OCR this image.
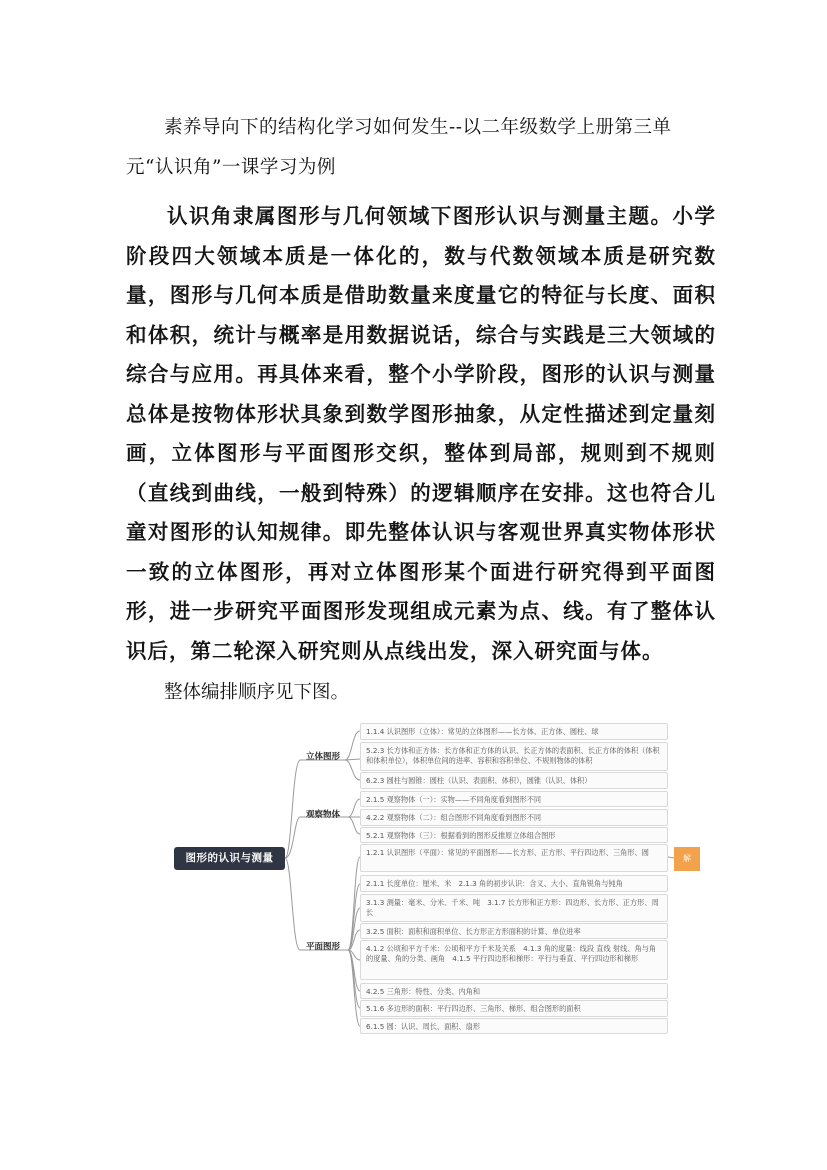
素养导向下的结构化学习如何发生--以二年级数学上册第三单
元“认识角”一课学习为例

认识角隶属图形与几何领域下图形认识与测量主题。小学阶段四大领域本质是一体化的，数与代数领域本质是研究数量，图形与几何本质是借助数量来度量它的特征与长度、面积和体积，统计与概率是用数据说话，综合与实践是三大领域的综合与应用。再具体来看，整个小学阶段，图形的认识与测量总体是按物体形状具象到数学图形抽象，从定性描述到定量刻画，立体图形与平面图形交织，整体到局部，规则到不规则（直线到曲线，一般到特殊）的逻辑顺序在安排。这也符合儿童对图形的认知规律。即先整体认识与客观世界真实物体形状一致的立体图形，再对立体图形某个面进行研究得到平面图形，进一步研究平面图形发现组成元素为点、线。有了整体认识后，第二轮深入研究则从点线出发，深入研究面与体。

整体编排顺序见下图。
图形的认识与测量	解
立体图形
观察物体
平面图形
1.1.4 认识图形（立体）：常见的立体图形——长方体、正方体、圆柱、球
5.2.3 长方体和正方体：长方体和正方体的认识、长正方体的表面积、长正方体的体积（体积和体积单位），体积单位间的进率、容积和容积单位、不规则物体的体积
6.2.3 圆柱与圆锥：圆柱（认识、表面积、体积），圆锥（认识、体积）
2.1.5 观察物体（一）：实物——不同角度看到图形不同
4.2.2 观察物体（二）：组合图形不同角度看到图形不同
5.2.1 观察物体（三）：根据看到的图形反推原立体组合图形
1.2.1 认识图形（平面）：常见的平面图形——长方形、正方形、平行四边形、三角形、圆
2.1.1 长度单位：厘米、米　2.1.3 角的初步认识：含义、大小、直角锐角与钝角
3.1.3 测量：毫米、分米、千米、吨　3.1.7 长方形和正方形：四边形、长方形、正方形、周长
3.2.5 面积：面积和面积单位、长方形正方形面积的计算、单位进率
4.1.2 公顷和平方千米：公顷和平方千米及关系　4.1.3 角的度量：线段 直线 射线、角与角的度量、角的分类、画角　4.1.5 平行四边形和梯形：平行与垂直、平行四边形和梯形
4.2.5 三角形：特性、分类、内角和
5.1.6 多边形的面积：平行四边形、三角形、梯形、组合图形的面积
6.1.5 圆：认识、周长、面积、扇形
